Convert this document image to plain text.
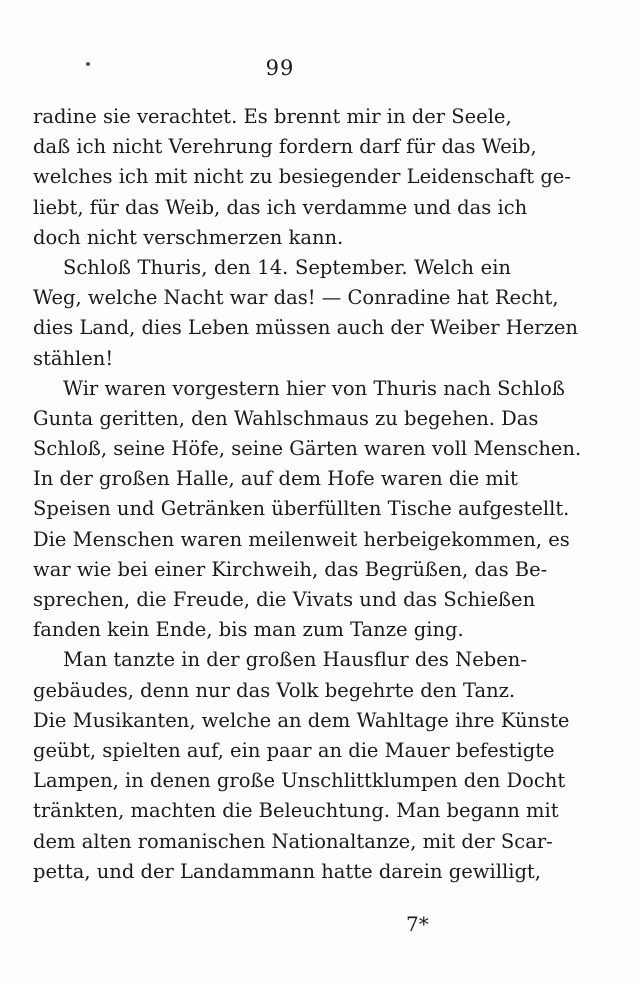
99
radine sie verachtet. Es brennt mir in der Seele,
daß ich nicht Verehrung fordern darf für das Weib,
welches ich mit nicht zu besiegender Leidenschaft ge-
liebt, für das Weib, das ich verdamme und das ich
doch nicht verschmerzen kann.
Schloß Thuris, den 14. September. Welch ein
Weg, welche Nacht war das! — Conradine hat Recht,
dies Land, dies Leben müssen auch der Weiber Herzen
stählen!
Wir waren vorgestern hier von Thuris nach Schloß
Gunta geritten, den Wahlschmaus zu begehen. Das
Schloß, seine Höfe, seine Gärten waren voll Menschen.
In der großen Halle, auf dem Hofe waren die mit
Speisen und Getränken überfüllten Tische aufgestellt.
Die Menschen waren meilenweit herbeigekommen, es
war wie bei einer Kirchweih, das Begrüßen, das Be-
sprechen, die Freude, die Vivats und das Schießen
fanden kein Ende, bis man zum Tanze ging.
Man tanzte in der großen Hausflur des Neben-
gebäudes, denn nur das Volk begehrte den Tanz.
Die Musikanten, welche an dem Wahltage ihre Künste
geübt, spielten auf, ein paar an die Mauer befestigte
Lampen, in denen große Unschlittklumpen den Docht
tränkten, machten die Beleuchtung. Man begann mit
dem alten romanischen Nationaltanze, mit der Scar-
petta, und der Landammann hatte darein gewilligt,
7*
